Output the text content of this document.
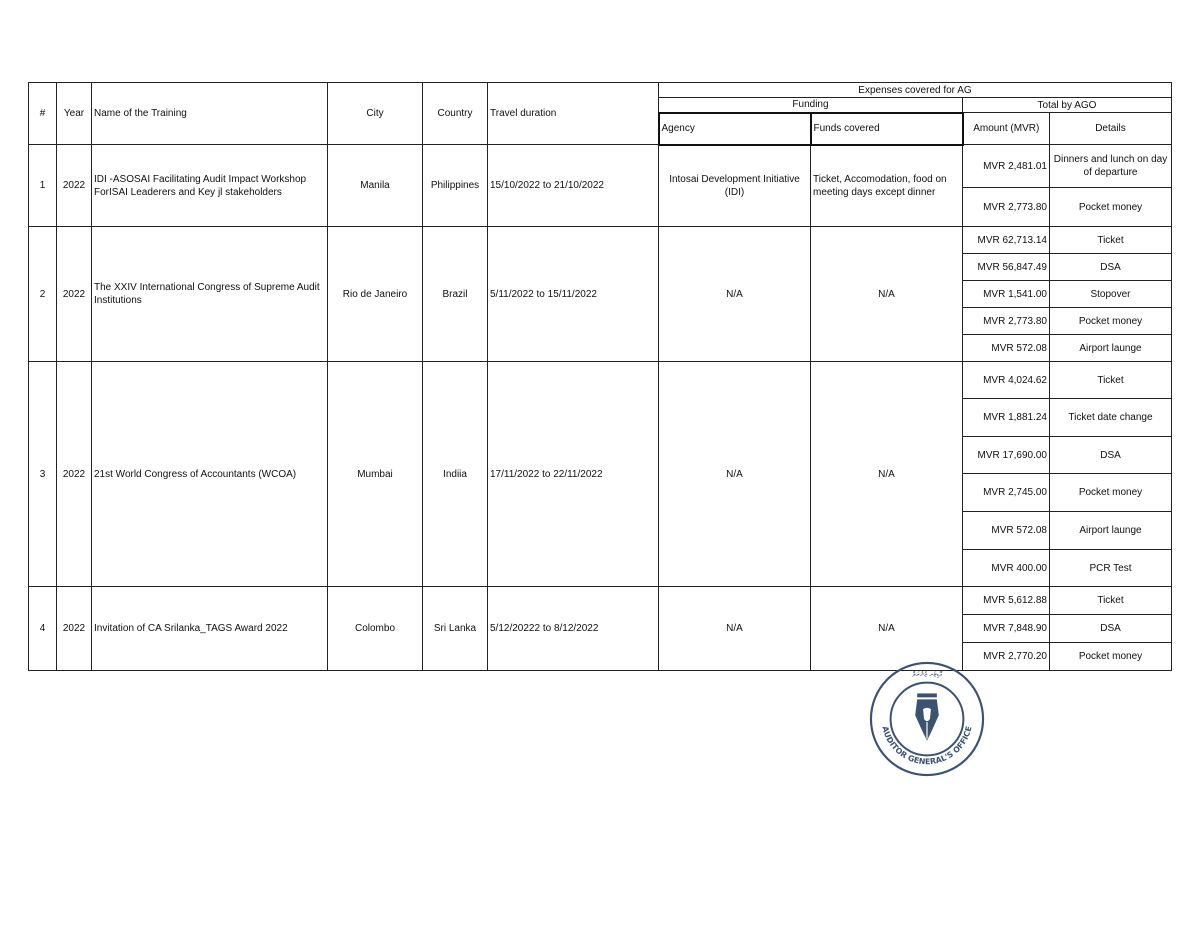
#	Year	Name of the Training	City	Country	Travel duration	Expenses covered for AG			
						Funding		Total by AGO	
						Agency	Funds covered	Amount (MVR)	Details
1	2022	IDI -ASOSAI Facilitating Audit Impact Workshop ForISAI Leaderers and Key jl stakeholders	Manila	Philippines	15/10/2022 to 21/10/2022	Intosai Development Initiative (IDI)	Ticket, Accomodation, food on meeting days except dinner	MVR 2,481.01	Dinners and lunch on day of departure
								MVR 2,773.80	Pocket money
2	2022	The XXIV International Congress of Supreme Audit Institutions	Rio de Janeiro	Brazil	5/11/2022 to 15/11/2022	N/A	N/A	MVR 62,713.14	Ticket
								MVR 56,847.49	DSA
								MVR 1,541.00	Stopover
								MVR 2,773.80	Pocket money
								MVR 572.08	Airport launge
3	2022	21st World Congress of Accountants (WCOA)	Mumbai	Indiia	17/11/2022 to 22/11/2022	N/A	N/A	MVR 4,024.62	Ticket
								MVR 1,881.24	Ticket date change
								MVR 17,690.00	DSA
								MVR 2,745.00	Pocket money
								MVR 572.08	Airport launge
								MVR 400.00	PCR Test
4	2022	Invitation of CA Srilanka_TAGS Award 2022	Colombo	Sri Lanka	5/12/20222 to 8/12/2022	N/A	N/A	MVR 5,612.88	Ticket
								MVR 7,848.90	DSA
								MVR 2,770.20	Pocket money
AUDITOR GENERAL'S OFFICE
ޢޮޑިޓަރ ޖެނެރަލް
